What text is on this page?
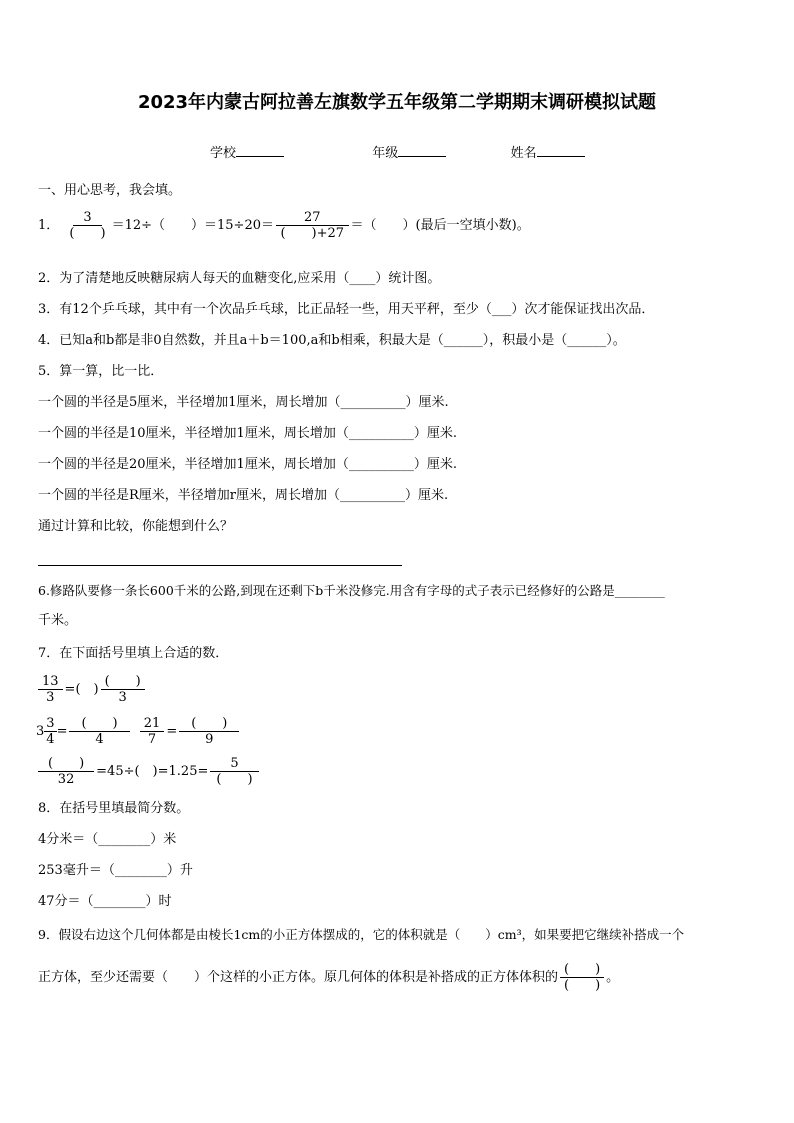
2023年内蒙古阿拉善左旗数学五年级第二学期期末调研模拟试题
学校	年级	姓名
一、用心思考，我会填。
1． $\frac{3}{( )} =12\div$（　　）$=15\div 20= \frac{27}{( )+27}$ ＝（　　）(最后一空填小数)。
2．为了清楚地反映糖尿病人每天的血糖变化,应采用（____）统计图。
3．有12个乒乓球，其中有一个次品乒乓球，比正品轻一些，用天平秤，至少（___）次才能保证找出次品．
4．已知a和b都是非0自然数，并且a＋b＝100,a和b相乘，积最大是（______），积最小是（______）。
5．算一算，比一比．
一个圆的半径是5厘米，半径增加1厘米，周长增加（__________）厘米.
一个圆的半径是10厘米，半径增加1厘米，周长增加（__________）厘米.
一个圆的半径是20厘米，半径增加1厘米，周长增加（__________）厘米.
一个圆的半径是R厘米，半径增加r厘米，周长增加（__________）厘米.
通过计算和比较，你能想到什么？
6.修路队要修一条长600千米的公路,到现在还剩下b千米没修完.用含有字母的式子表示已经修好的公路是________
千米。
7．在下面括号里填上合适的数．
$\frac{13}{3}$ =(　) $\frac{( )}{3}$
$3 \frac{3}{4} = \frac{( )}{4}$
$\frac{21}{7} = \frac{( )}{9}$
$\frac{( )}{32} =45\div$(　)$=1.25= \frac{5}{( )}$
8．在括号里填最简分数。
4分米＝（________）米
253毫升＝（________）升
47分＝（________）时
9．假设右边这个几何体都是由棱长1cm的小正方体摆成的，它的体积就是（　　）cm³，如果要把它继续补搭成一个
正方体，至少还需要（　　）个这样的小正方体。原几何体的体积是补搭成的正方体体积的 $\frac{( )}{( )}$ 。
